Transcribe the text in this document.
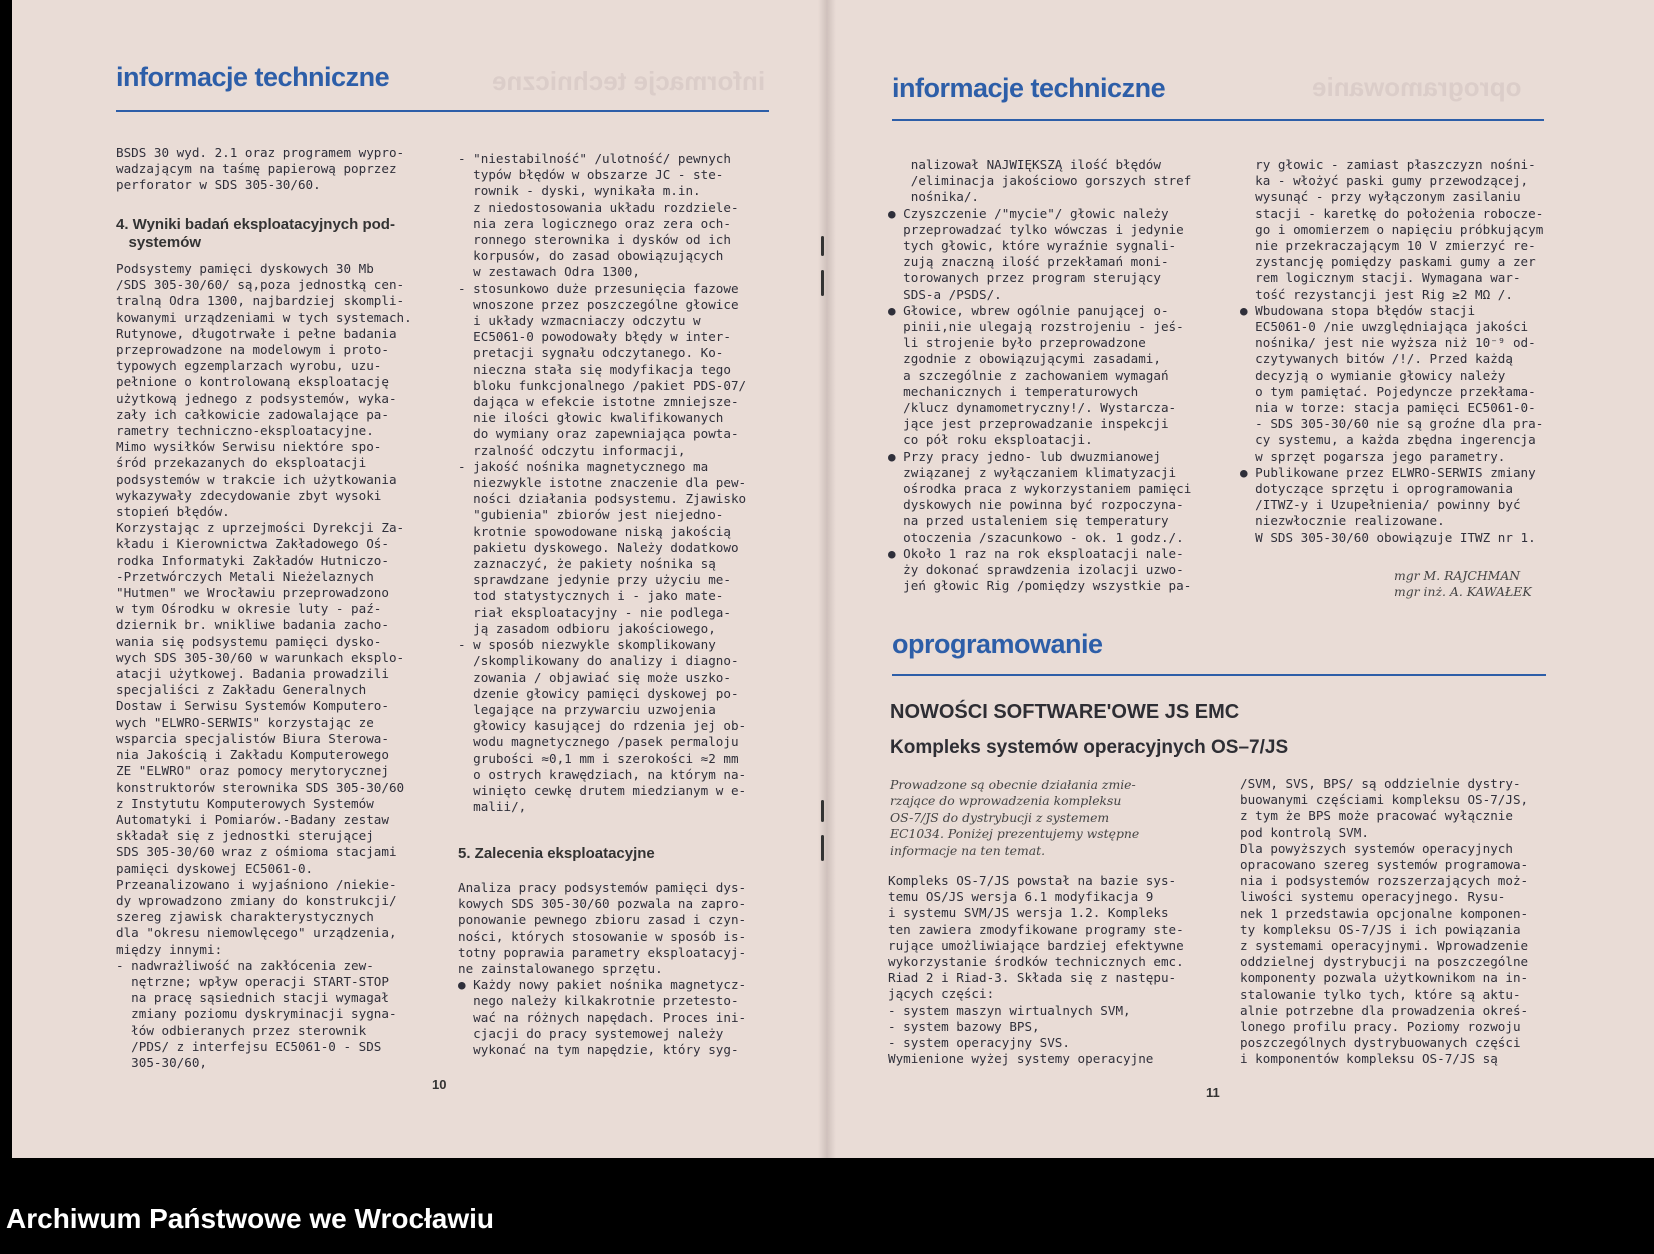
informacje techniczne
informacje techniczne
BSDS 30 wyd. 2.1 oraz programem wypro-
wadzającym na taśmę papierową poprzez
perforator w SDS 305-30/60.
4. Wyniki badań eksploatacyjnych pod-
systemów
Podsystemy pamięci dyskowych 30 Mb
/SDS 305-30/60/ są,poza jednostką cen-
tralną Odra 1300, najbardziej skompli-
kowanymi urządzeniami w tych systemach.
Rutynowe, długotrwałe i pełne badania
przeprowadzone na modelowym i proto-
typowych egzemplarzach wyrobu, uzu-
pełnione o kontrolowaną eksploatację
użytkową jednego z podsystemów, wyka-
zały ich całkowicie zadowalające pa-
rametry techniczno-eksploatacyjne.
Mimo wysiłków Serwisu niektóre spo-
śród przekazanych do eksploatacji
podsystemów w trakcie ich użytkowania
wykazywały zdecydowanie zbyt wysoki
stopień błędów.
Korzystając z uprzejmości Dyrekcji Za-
kładu i Kierownictwa Zakładowego Oś-
rodka Informatyki Zakładów Hutniczo-
-Przetwórczych Metali Nieżelaznych
"Hutmen" we Wrocławiu przeprowadzono
w tym Ośrodku w okresie luty - paź-
dziernik br. wnikliwe badania zacho-
wania się podsystemu pamięci dysko-
wych SDS 305-30/60 w warunkach eksplo-
atacji użytkowej. Badania prowadzili
specjaliści z Zakładu Generalnych
Dostaw i Serwisu Systemów Komputero-
wych "ELWRO-SERWIS" korzystając ze
wsparcia specjalistów Biura Sterowa-
nia Jakością i Zakładu Komputerowego
ZE "ELWRO" oraz pomocy merytorycznej
konstruktorów sterownika SDS 305-30/60
z Instytutu Komputerowych Systemów
Automatyki i Pomiarów.-Badany zestaw
składał się z jednostki sterującej
SDS 305-30/60 wraz z ośmioma stacjami
pamięci dyskowej EC5061-0.
Przeanalizowano i wyjaśniono /niekie-
dy wprowadzono zmiany do konstrukcji/
szereg zjawisk charakterystycznych
dla "okresu niemowlęcego" urządzenia,
między innymi:
- nadwrażliwość na zakłócenia zew-
nętrzne; wpływ operacji START-STOP
na pracę sąsiednich stacji wymagał
zmiany poziomu dyskryminacji sygna-
łów odbieranych przez sterownik
/PDS/ z interfejsu EC5061-0 - SDS
305-30/60,
- "niestabilność" /ulotność/ pewnych
typów błędów w obszarze JC - ste-
rownik - dyski, wynikała m.in.
z niedostosowania układu rozdziele-
nia zera logicznego oraz zera och-
ronnego sterownika i dysków od ich
korpusów, do zasad obowiązujących
w zestawach Odra 1300,
- stosunkowo duże przesunięcia fazowe
wnoszone przez poszczególne głowice
i układy wzmacniaczy odczytu w
EC5061-0 powodowały błędy w inter-
pretacji sygnału odczytanego. Ko-
nieczna stała się modyfikacja tego
bloku funkcjonalnego /pakiet PDS-07/
dająca w efekcie istotne zmniejsze-
nie ilości głowic kwalifikowanych
do wymiany oraz zapewniająca powta-
rzalność odczytu informacji,
- jakość nośnika magnetycznego ma
niezwykle istotne znaczenie dla pew-
ności działania podsystemu. Zjawisko
"gubienia" zbiorów jest niejedno-
krotnie spowodowane niską jakością
pakietu dyskowego. Należy dodatkowo
zaznaczyć, że pakiety nośnika są
sprawdzane jedynie przy użyciu me-
tod statystycznych i - jako mate-
riał eksploatacyjny - nie podlega-
ją zasadom odbioru jakościowego,
- w sposób niezwykle skomplikowany
/skomplikowany do analizy i diagno-
zowania / objawiać się może uszko-
dzenie głowicy pamięci dyskowej po-
legające na przywarciu uzwojenia
głowicy kasującej do rdzenia jej ob-
wodu magnetycznego /pasek permaloju
grubości ≈0,1 mm i szerokości ≈2 mm
o ostrych krawędziach, na którym na-
winięto cewkę drutem miedzianym w e-
malii/,
5. Zalecenia eksploatacyjne
Analiza pracy podsystemów pamięci dys-
kowych SDS 305-30/60 pozwala na zapro-
ponowanie pewnego zbioru zasad i czyn-
ności, których stosowanie w sposób is-
totny poprawia parametry eksploatacyj-
ne zainstalowanego sprzętu.
● Każdy nowy pakiet nośnika magnetycz-
nego należy kilkakrotnie przetesto-
wać na różnych napędach. Proces ini-
cjacji do pracy systemowej należy
wykonać na tym napędzie, który syg-
10
oprogramowanie
informacje techniczne
nalizował NAJWIĘKSZĄ ilość błędów
/eliminacja jakościowo gorszych stref
nośnika/.
● Czyszczenie /"mycie"/ głowic należy
przeprowadzać tylko wówczas i jedynie
tych głowic, które wyraźnie sygnali-
zują znaczną ilość przekłamań moni-
torowanych przez program sterujący
SDS-a /PSDS/.
● Głowice, wbrew ogólnie panującej o-
pinii,nie ulegają rozstrojeniu - jeś-
li strojenie było przeprowadzone
zgodnie z obowiązującymi zasadami,
a szczególnie z zachowaniem wymagań
mechanicznych i temperaturowych
/klucz dynamometryczny!/. Wystarcza-
jące jest przeprowadzanie inspekcji
co pół roku eksploatacji.
● Przy pracy jedno- lub dwuzmianowej
związanej z wyłączaniem klimatyzacji
ośrodka praca z wykorzystaniem pamięci
dyskowych nie powinna być rozpoczyna-
na przed ustaleniem się temperatury
otoczenia /szacunkowo - ok. 1 godz./.
● Około 1 raz na rok eksploatacji nale-
ży dokonać sprawdzenia izolacji uzwo-
jeń głowic Rig /pomiędzy wszystkie pa-
ry głowic - zamiast płaszczyzn nośni-
ka - włożyć paski gumy przewodzącej,
wysunąć - przy wyłączonym zasilaniu
stacji - karetkę do położenia robocze-
go i omomierzem o napięciu próbkującym
nie przekraczającym 10 V zmierzyć re-
zystancję pomiędzy paskami gumy a zer
rem logicznym stacji. Wymagana war-
tość rezystancji jest Rig ≥2 MΩ /.
● Wbudowana stopa błędów stacji
EC5061-0 /nie uwzględniająca jakości
nośnika/ jest nie wyższa niż 10⁻⁹ od-
czytywanych bitów /!/. Przed każdą
decyzją o wymianie głowicy należy
o tym pamiętać. Pojedyncze przekłama-
nia w torze: stacja pamięci EC5061-0-
- SDS 305-30/60 nie są groźne dla pra-
cy systemu, a każda zbędna ingerencja
w sprzęt pogarsza jego parametry.
● Publikowane przez ELWRO-SERWIS zmiany
dotyczące sprzętu i oprogramowania
/ITWZ-y i Uzupełnienia/ powinny być
niezwłocznie realizowane.
W SDS 305-30/60 obowiązuje ITWZ nr 1.
mgr M. RAJCHMAN
mgr inż. A. KAWAŁEK
oprogramowanie
NOWOŚCI SOFTWARE'OWE JS EMC
Kompleks systemów operacyjnych OS–7/JS
Prowadzone są obecnie działania zmie-
rzające do wprowadzenia kompleksu
OS-7/JS do dystrybucji z systemem
EC1034. Poniżej prezentujemy wstępne
informacje na ten temat.
Kompleks OS-7/JS powstał na bazie sys-
temu OS/JS wersja 6.1 modyfikacja 9
i systemu SVM/JS wersja 1.2. Kompleks
ten zawiera zmodyfikowane programy ste-
rujące umożliwiające bardziej efektywne
wykorzystanie środków technicznych emc.
Riad 2 i Riad-3. Składa się z następu-
jących części:
- system maszyn wirtualnych SVM,
- system bazowy BPS,
- system operacyjny SVS.
Wymienione wyżej systemy operacyjne
/SVM, SVS, BPS/ są oddzielnie dystry-
buowanymi częściami kompleksu OS-7/JS,
z tym że BPS może pracować wyłącznie
pod kontrolą SVM.
Dla powyższych systemów operacyjnych
opracowano szereg systemów programowa-
nia i podsystemów rozszerzających moż-
liwości systemu operacyjnego. Rysu-
nek 1 przedstawia opcjonalne komponen-
ty kompleksu OS-7/JS i ich powiązania
z systemami operacyjnymi. Wprowadzenie
oddzielnej dystrybucji na poszczególne
komponenty pozwala użytkownikom na in-
stalowanie tylko tych, które są aktu-
alnie potrzebne dla prowadzenia okreś-
lonego profilu pracy. Poziomy rozwoju
poszczególnych dystrybuowanych części
i komponentów kompleksu OS-7/JS są
11
Archiwum Państwowe we Wrocławiu
